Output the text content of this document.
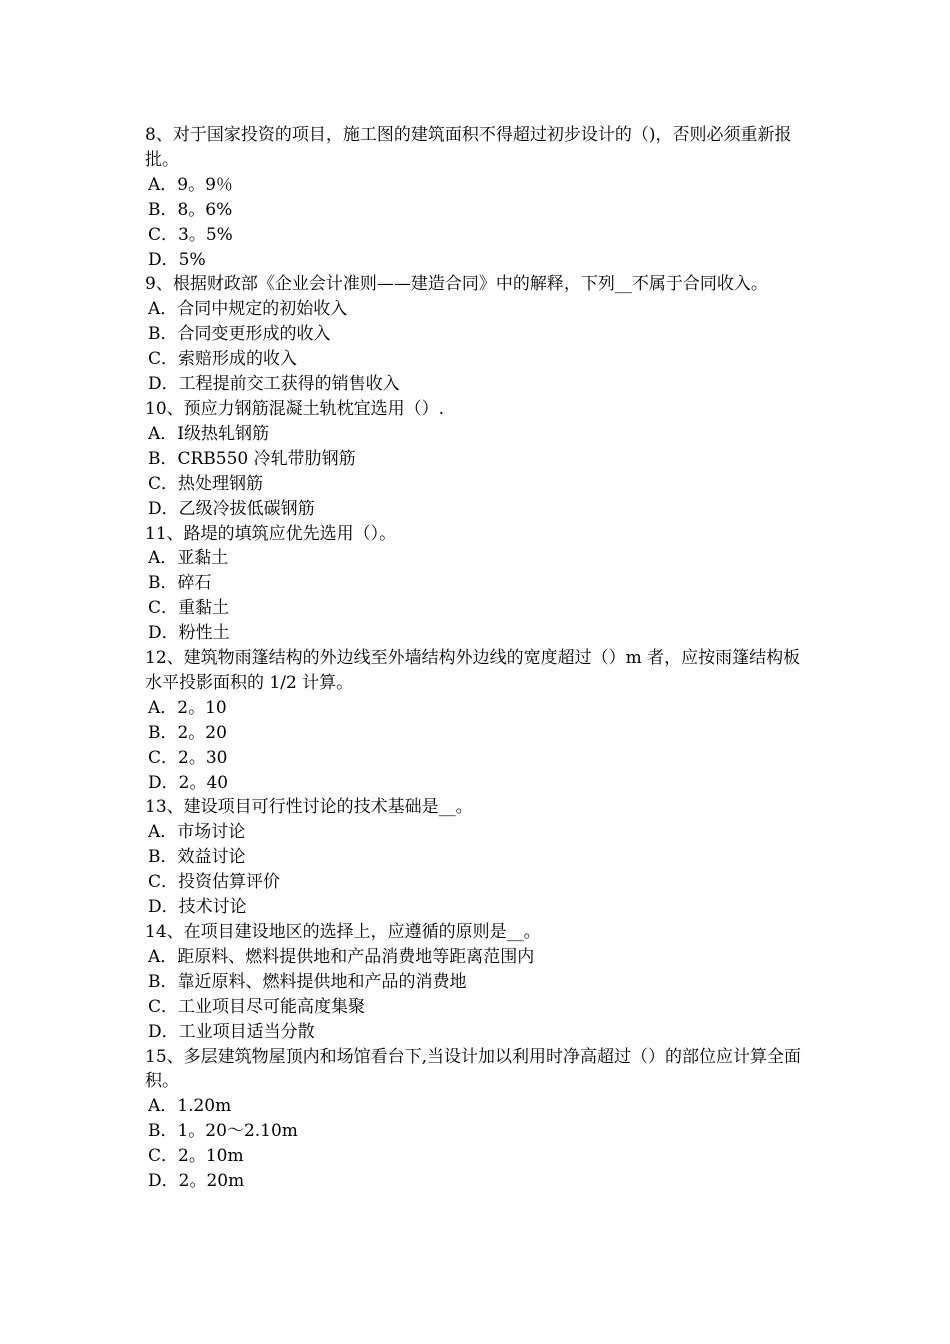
8、对于国家投资的项目，施工图的建筑面积不得超过初步设计的（)，否则必须重新报批。
A．9。9％
B．8。6%
C．3。5%
D．5%
9、根据财政部《企业会计准则——建造合同》中的解释，下列__不属于合同收入。
A．合同中规定的初始收入
B．合同变更形成的收入
C．索赔形成的收入
D．工程提前交工获得的销售收入
10、预应力钢筋混凝土轨枕宜选用（）.
A．Ⅰ级热轧钢筋
B．CRB550 冷轧带肋钢筋
C．热处理钢筋
D．乙级冷拔低碳钢筋
11、路堤的填筑应优先选用（）。
A．亚黏土
B．碎石
C．重黏土
D．粉性土
12、建筑物雨篷结构的外边线至外墙结构外边线的宽度超过（）m 者，应按雨篷结构板水平投影面积的 1/2 计算。
A．2。10
B．2。20
C．2。30
D．2。40
13、建设项目可行性讨论的技术基础是__。
A．市场讨论
B．效益讨论
C．投资估算评价
D．技术讨论
14、在项目建设地区的选择上，应遵循的原则是__。
A．距原料、燃料提供地和产品消费地等距离范围内
B．靠近原料、燃料提供地和产品的消费地
C．工业项目尽可能高度集聚
D．工业项目适当分散
15、多层建筑物屋顶内和场馆看台下,当设计加以利用时净高超过（）的部位应计算全面积。
A．1.20m
B．1。20～2.10m
C．2。10m
D．2。20m
